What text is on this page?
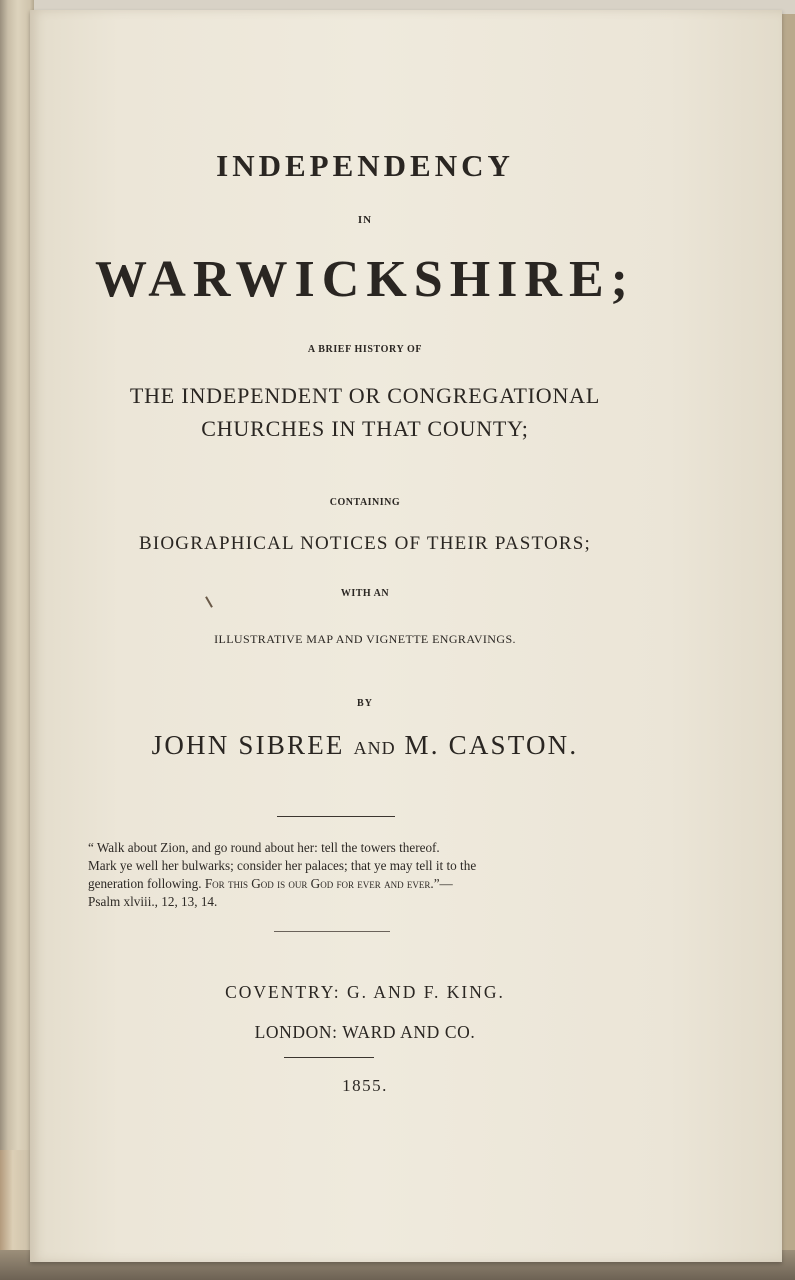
INDEPENDENCY
IN
WARWICKSHIRE;
A BRIEF HISTORY OF
THE INDEPENDENT OR CONGREGATIONAL
CHURCHES IN THAT COUNTY;
CONTAINING
BIOGRAPHICAL NOTICES OF THEIR PASTORS;
WITH AN
ILLUSTRATIVE MAP AND VIGNETTE ENGRAVINGS.
BY
JOHN SIBREE AND M. CASTON.
“ Walk about Zion, and go round about her: tell the towers thereof.
Mark ye well her bulwarks; consider her palaces; that ye may tell it to the
generation following. For this God is our God for ever and ever.”—
Psalm xlviii., 12, 13, 14.
COVENTRY: G. AND F. KING.
LONDON: WARD AND CO.
1855.
